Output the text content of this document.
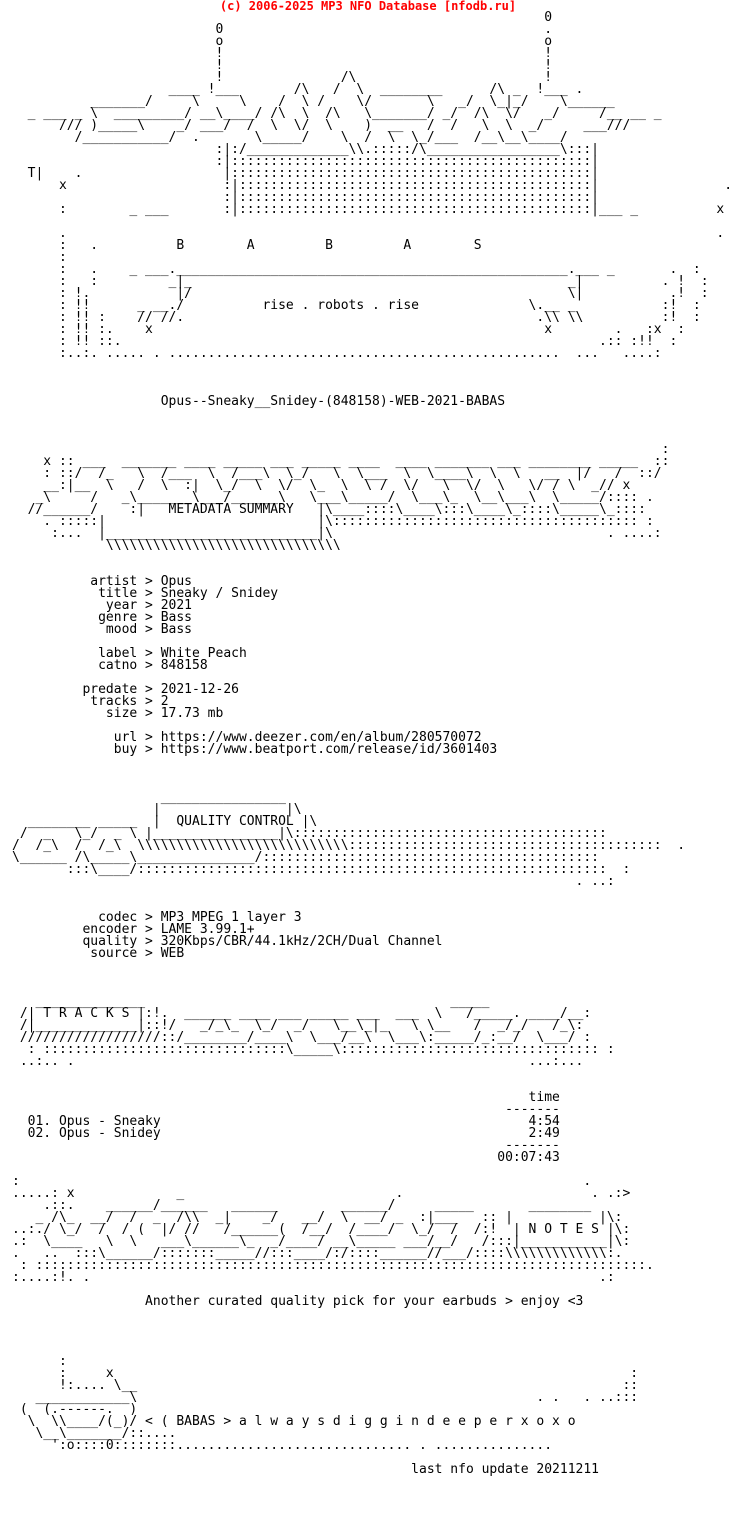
(c) 2006-2025 MP3 NFO Database [nfodb.ru]
0
0                                         .
o                                         o
!                                         !
!                                         !
!               /\                        !
____ !___       /\   /  \  ________      /\ _  !___ .
_______/     \     \    /  \ /    \/       \   _/  \_|_/    \______
_ ___ _ \  _________/ __\____/ /\  \  /\   \_______/ _/  /\  \/   _/     /__ __ _
/// )_____\    _/ ___/  /  \  \/  \    )  __   /  /   \  \  _/     ___///
/___________/  .       \_____/    \  /  \  \_/___  /__\__\____/
:|:/_____________\\.:::::/\_________________\:::|
:|::::::::::::::::::::::::::::::::::::::::::::::|
T|    .                  |::::::::::::::::::::::::::::::::::::::::::::::|
x                    :|:::::::::::::::::::::::::::::::::::::::::::::|                .
:|:::::::::::::::::::::::::::::::::::::::::::::|
:        _ ___       :|:::::::::::::::::::::::::::::::::::::::::::::|___ _          x
.                                                                                   .
:   .          B        A         B         A        S
:
:   .    _ ___.__________________________________________________.___ _       .  :
:   :         _|_                                                _|          . !  :
: !.           |/                                                \|           .!  :
: !!      _ __./          rise . robots . rise              \.__ _           :!  :
: !! :    // //.                                             .\\ \\          :!  :
: !! :.    x                                                  x        .   :x  :
: !! ::.                                                             .:: :!!  :
:..:. ..... . ..................................................  ...   ....:
Opus--Sneaky__Snidey-(848158)-WEB-2021-BABAS
:
x :: ___  _______ ____ _____ ___ _____ ____  ____ _______ ___ ________ _____  ::
: ::/  /_   \  /___  \  /___\  \_/   \  \___  \  \____\  \  \   __  |/   /  ::/
__:|__  \   /  \  :|  \_/  \  \/  \_  \  \ /  \/   \  \/  \   \/ / \  _// x
_\     /   _\_______\___/______\   \___\_____/  \___\_  \__\___\  \_____/:::: .
//______/    :|   METADATA SUMMARY   |\____::::\____\:::\____\_::::\_____\_::::
. :::::|                           |\::::::::::::::::::::::::::::::::::::::: :
:...  |___________________________|\                                   . ....:
\\\\\\\\\\\\\\\\\\\\\\\\\\\\\\
artist > Opus
title > Sneaky / Snidey
year > 2021
genre > Bass
mood > Bass
label > White Peach
catno > 848158
predate > 2021-12-26
tracks > 2
size > 17.73 mb
url > https://www.deezer.com/en/album/280570072
buy > https://www.beatport.com/release/id/3601403
________________
|                |\
________ _____  |  QUALITY CONTROL |\
/  _   \_/  _ \ |________________|\::::::::::::::::::::::::::::::::::::::::
/  /_\  /  /_\  \\\\\\\\\\\\\\\\\\\\\\\\\\\::::::::::::::::::::::::::::::::::::::::  .
\______ /\_____\_______________/:::::::::::::::::::::::::::::::::::::::::::
:::\____/::::::::::::::::::::::::::::::::::::::::::::::::::::::::::::  :
. ..:
codec > MP3 MPEG 1 layer 3
encoder > LAME 3.99.1+
quality > 320Kbps/CBR/44.1kHz/2CH/Dual Channel
source > WEB
______________                                       _____
/| T R A C K S |:!.  ______ ____ ___ _____ ___  ___  \   /_____. ____/__:
/|_____________|::!/   _/_\_  \_/  _/   \__\_|_   \ \__   /  _/_/   /_\:
//////////////////::/________/____\  \___/__\  \___\:_____/_:__/  \___/ :
: :::::::::::::::::::::::::::::::\_____\::::::::::::::::::::::::::::::::: :
..:.. .                                                          ...:...
time
-------
01. Opus - Sneaky                                               4:54
02. Opus - Snidey                                               2:49
-------
00:07:43
:                                                                        .
.....: x             _                           .                        . .:>
.::.    ______/______   ______        ______/     _____       ________
_ /\_  __/  /  _  /\\  _|    _/   __/  \  __/ _  :|___   :: |           |\:
..:./ \_/  /  / (  |/ //   /______(  /__/  /____/  \_/  /  /:!  | N O T E S |\:
.:  \____   \  \   ___\______\_  _/____/ __\_____ ___/__/   /:::|___________|\:
.   ..  :::\______/:::::::_____//:::____/:/::::______//___/::::\\\\\\\\\\\\\:.
: ::::::::::::::::::::::::::::::::::::::::::::::::::::::::::::::::::::::::::::::.
:....:!. .                                                                 .:
Another curated quality pick for your earbuds > enjoy <3
:
:     x                                                                  :
!:.... \__                                                              ::
____________\                                                   . .   . ..:::
(  (.------.  )
\  \\____/(_)/ < ( BABAS > a l w a y s d i g g i n d e e p e r x o x o
\__\_______/::....
':o::::0::::::::.............................. . ...............
last nfo update 20211211
